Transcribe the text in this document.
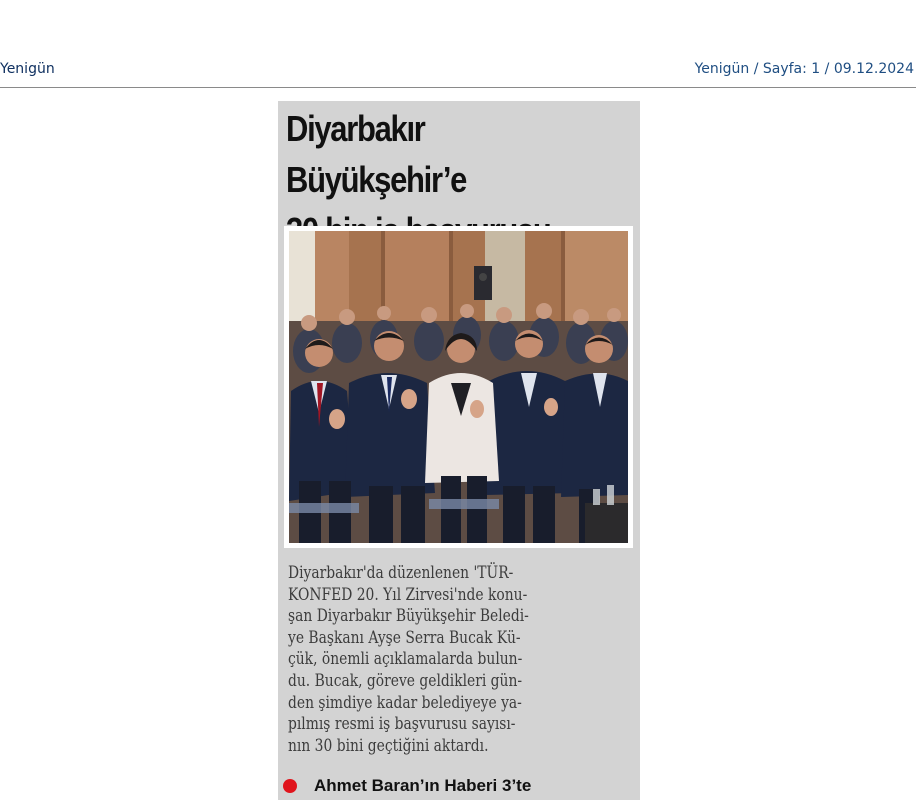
Yenigün	Yenigün / Sayfa: 1 / 09.12.2024
Diyarbakır Büyükşehir’e

Diyarbakır'da düzenlenen 'TÜR-
KONFED 20. Yıl Zirvesi'nde konu-
şan Diyarbakır Büyükşehir Beledi-
ye Başkanı Ayşe Serra Bucak Kü-
çük, önemli açıklamalarda bulun-
du. Bucak, göreve geldikleri gün-
den şimdiye kadar belediyeye ya-
pılmış resmi iş başvurusu sayısı-
nın 30 bini geçtiğini aktardı.

Ahmet Baran’ın Haberi 3’te
